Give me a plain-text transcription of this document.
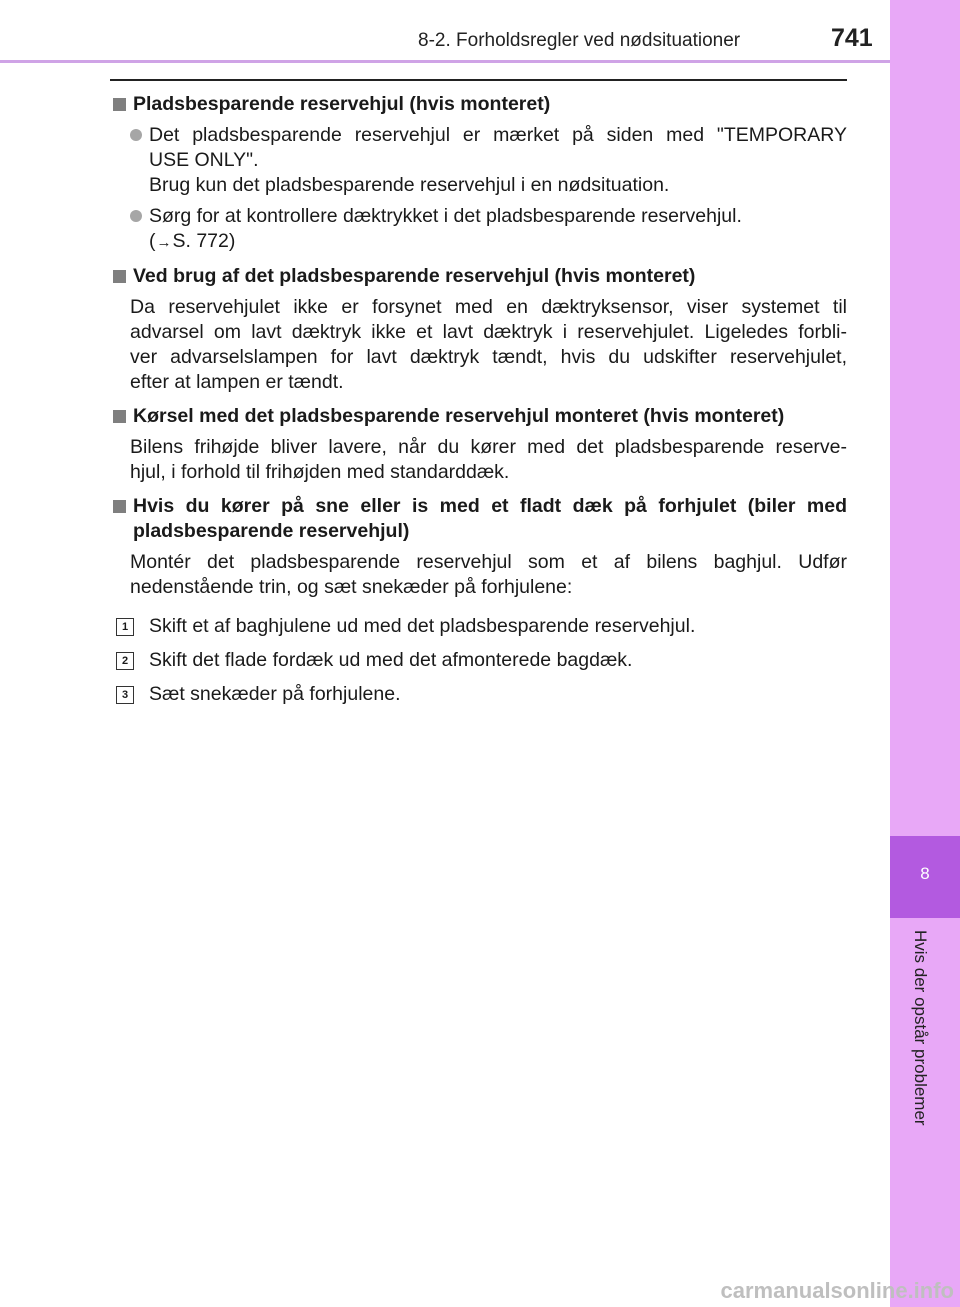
8-2. Forholdsregler ved nødsituationer	741
8
Hvis der opstår problemer
Pladsbesparende reservehjul (hvis monteret)
Det pladsbesparende reservehjul er mærket på siden med "TEMPORARY
USE ONLY".
Brug kun det pladsbesparende reservehjul i en nødsituation.
Sørg for at kontrollere dæktrykket i det pladsbesparende reservehjul.
(→S. 772)
Ved brug af det pladsbesparende reservehjul (hvis monteret)
Da reservehjulet ikke er forsynet med en dæktryksensor, viser systemet til
advarsel om lavt dæktryk ikke et lavt dæktryk i reservehjulet. Ligeledes forbli-
ver advarselslampen for lavt dæktryk tændt, hvis du udskifter reservehjulet,
efter at lampen er tændt.
Kørsel med det pladsbesparende reservehjul monteret (hvis monteret)
Bilens frihøjde bliver lavere, når du kører med det pladsbesparende reserve-
hjul, i forhold til frihøjden med standarddæk.
Hvis du kører på sne eller is med et fladt dæk på forhjulet (biler med pladsbesparende reservehjul)
Montér det pladsbesparende reservehjul som et af bilens baghjul. Udfør
nedenstående trin, og sæt snekæder på forhjulene:
1	Skift et af baghjulene ud med det pladsbesparende reservehjul.
2	Skift det flade fordæk ud med det afmonterede bagdæk.
3	Sæt snekæder på forhjulene.
carmanualsonline.info
